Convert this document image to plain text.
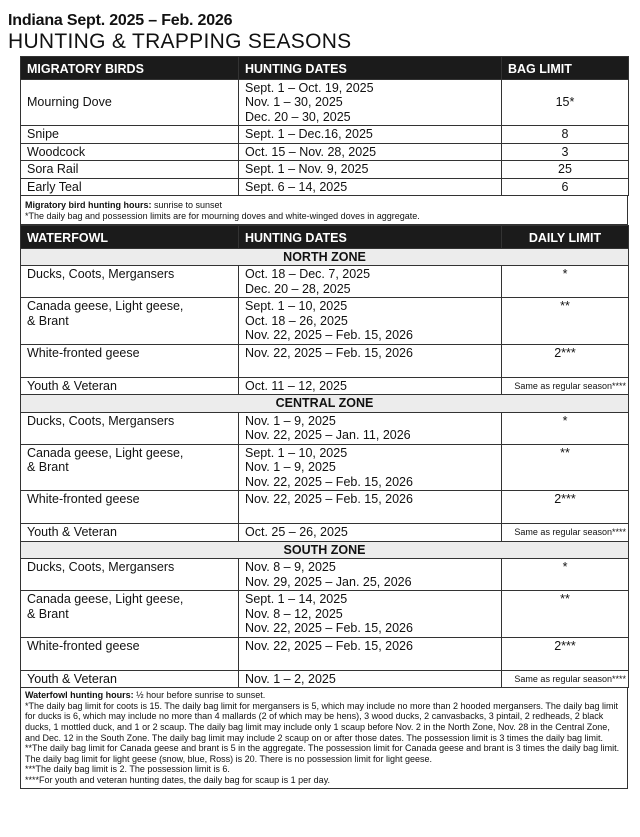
Indiana Sept. 2025 – Feb. 2026
HUNTING & TRAPPING SEASONS
MIGRATORY BIRDS	HUNTING DATES	BAG LIMIT
Mourning Dove	Sept. 1 – Oct. 19, 2025
Nov. 1 – 30, 2025
Dec. 20 – 30, 2025	15*
Snipe	Sept. 1 – Dec.16, 2025	8
Woodcock	Oct. 15 – Nov. 28, 2025	3
Sora Rail	Sept. 1 – Nov. 9, 2025	25
Early Teal	Sept. 6 – 14, 2025	6
Migratory bird hunting hours: sunrise to sunset
*The daily bag and possession limits are for mourning doves and white-winged doves in aggregate.
WATERFOWL	HUNTING DATES	DAILY LIMIT
NORTH ZONE		
Ducks, Coots, Mergansers	Oct. 18 – Dec. 7, 2025
Dec. 20 – 28, 2025	*

Canada geese, Light geese,
& Brant	Sept. 1 – 10, 2025
Oct. 18 – 26, 2025
Nov. 22, 2025 – Feb. 15, 2026	**
White-fronted geese	Nov. 22, 2025 – Feb. 15, 2026	2***
Youth & Veteran	Oct. 11 – 12, 2025	Same as regular season****
CENTRAL ZONE		
Ducks, Coots, Mergansers	Nov. 1 – 9, 2025
Nov. 22, 2025 – Jan. 11, 2026	*

Canada geese, Light geese,
& Brant	Sept. 1 – 10, 2025
Nov. 1 – 9, 2025
Nov. 22, 2025 – Feb. 15, 2026	**
White-fronted geese	Nov. 22, 2025 – Feb. 15, 2026	2***
Youth & Veteran	Oct. 25 – 26, 2025	Same as regular season****
SOUTH ZONE		
Ducks, Coots, Mergansers	Nov. 8 – 9, 2025
Nov. 29, 2025 – Jan. 25, 2026	*

Canada geese, Light geese,
& Brant	Sept. 1 – 14, 2025
Nov. 8 – 12, 2025
Nov. 22, 2025 – Feb. 15, 2026	**
White-fronted geese	Nov. 22, 2025 – Feb. 15, 2026	2***
Youth & Veteran	Nov. 1 – 2, 2025	Same as regular season****
Waterfowl hunting hours: ½ hour before sunrise to sunset.
*The daily bag limit for coots is 15. The daily bag limit for mergansers is 5, which may include no more than 2 hooded mergansers. The daily bag limit for ducks is 6, which may include no more than 4 mallards (2 of which may be hens), 3 wood ducks, 2 canvasbacks, 3 pintail, 2 redheads, 2 black ducks, 1 mottled duck, and 1 or 2 scaup. The daily bag limit may include only 1 scaup before Nov. 2 in the North Zone, Nov. 28 in the Central Zone, and Dec. 12 in the South Zone. The daily bag limit may include 2 scaup on or after those dates. The possession limit is 3 times the daily bag limit.
**The daily bag limit for Canada geese and brant is 5 in the aggregate. The possession limit for Canada geese and brant is 3 times the daily bag limit. The daily bag limit for light geese (snow, blue, Ross) is 20. There is no possession limit for light geese.
***The daily bag limit is 2. The possession limit is 6.
****For youth and veteran hunting dates, the daily bag for scaup is 1 per day.
